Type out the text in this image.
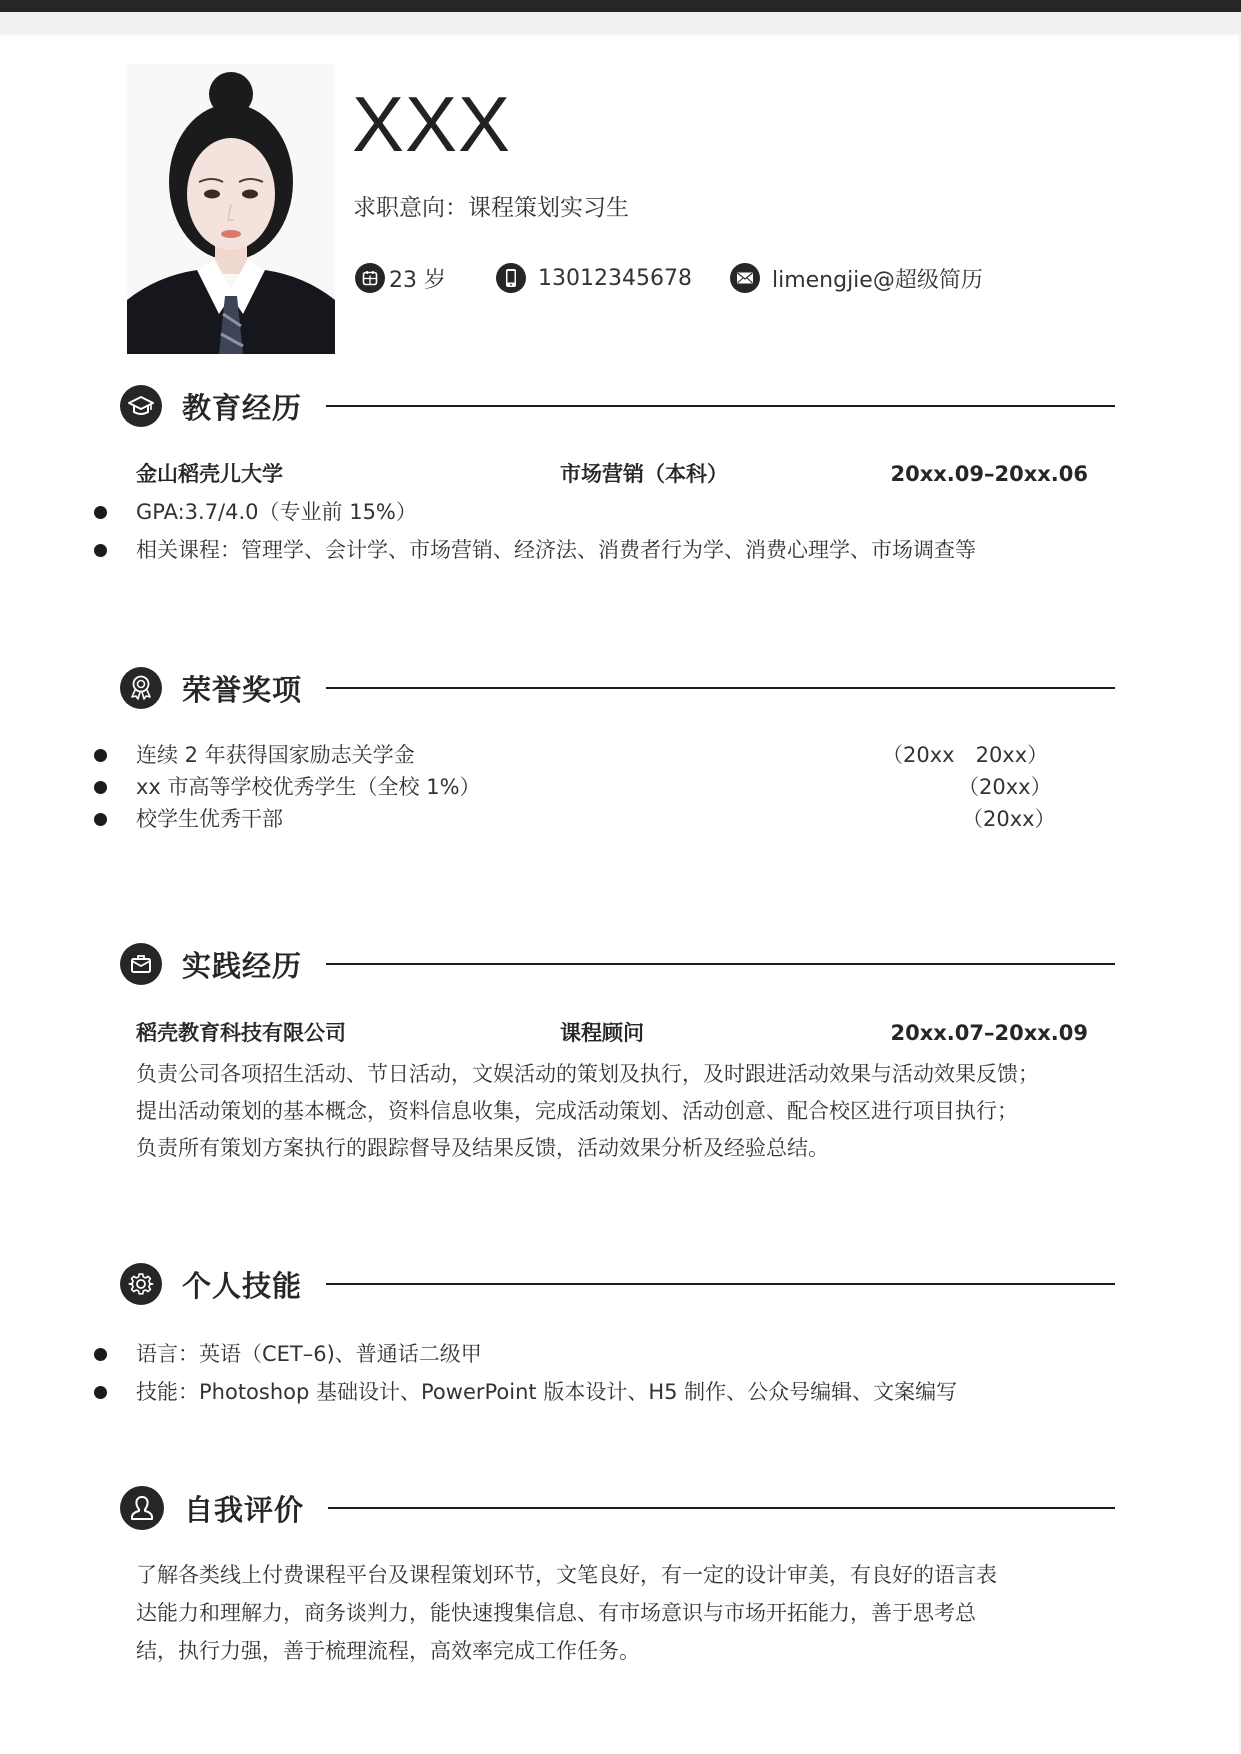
XXX
求职意向：课程策划实习生
23 岁	13012345678	limengjie@超级简历
教育经历
金山稻壳儿大学	市场营销（本科）	20xx.09–20xx.06
GPA:3.7/4.0（专业前 15%）
相关课程：管理学、会计学、市场营销、经济法、消费者行为学、消费心理学、市场调查等
荣誉奖项
连续 2 年获得国家励志关学金	（20xx　20xx）
xx 市高等学校优秀学生（全校 1%）	（20xx）
校学生优秀干部	（20xx）
实践经历
稻壳教育科技有限公司	课程顾问	20xx.07–20xx.09

负责公司各项招生活动、节日活动，文娱活动的策划及执行，及时跟进活动效果与活动效果反馈；

提出活动策划的基本概念，资料信息收集，完成活动策划、活动创意、配合校区进行项目执行；

负责所有策划方案执行的跟踪督导及结果反馈，活动效果分析及经验总结。

个人技能
语言：英语（CET–6)、普通话二级甲
技能：Photoshop 基础设计、PowerPoint 版本设计、H5 制作、公众号编辑、文案编写
自我评价

了解各类线上付费课程平台及课程策划环节，文笔良好，有一定的设计审美，有良好的语言表

达能力和理解力，商务谈判力，能快速搜集信息、有市场意识与市场开拓能力，善于思考总

结，执行力强，善于梳理流程，高效率完成工作任务。
